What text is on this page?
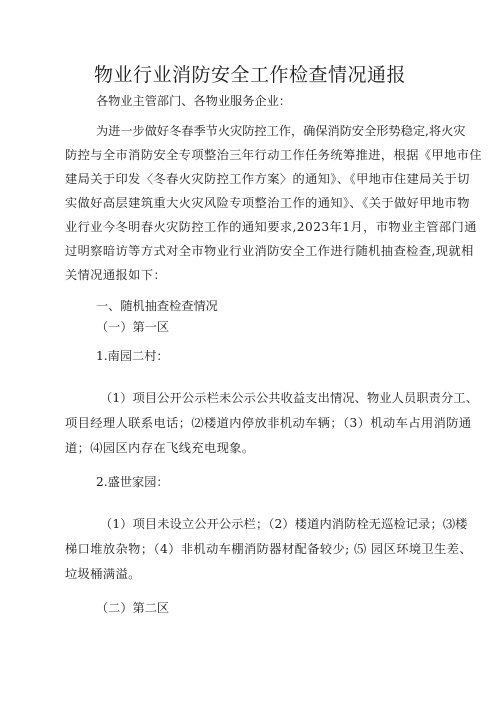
物业行业消防安全工作检查情况通报
各物业主管部门、各物业服务企业：
为进一步做好冬春季节火灾防控工作，确保消防安全形势稳定,将火灾
防控与全市消防安全专项整治三年行动工作任务统筹推进，根据《甲地市住
建局关于印发〈冬春火灾防控工作方案〉的通知》、《甲地市住建局关于切
实做好高层建筑重大火灾风险专项整治工作的通知》、《关于做好甲地市物
业行业今冬明春火灾防控工作的通知要求,2023年1月，市物业主管部门通
过明察暗访等方式对全市物业行业消防安全工作进行随机抽查检查,现就相
关情况通报如下：
一、随机抽查检查情况
（一）第一区
1.南园二村：
（1）项目公开公示栏未公示公共收益支出情况、物业人员职责分工、
项目经理人联系电话；⑵楼道内停放非机动车辆；（3）机动车占用消防通
道；⑷园区内存在飞线充电现象。
2.盛世家园：
（1）项目未设立公开公示栏；（2）楼道内消防栓无巡检记录；⑶楼
梯口堆放杂物；（4）非机动车棚消防器材配备较少; ⑸ 园区环境卫生差、
垃圾桶满溢。
（二）第二区
